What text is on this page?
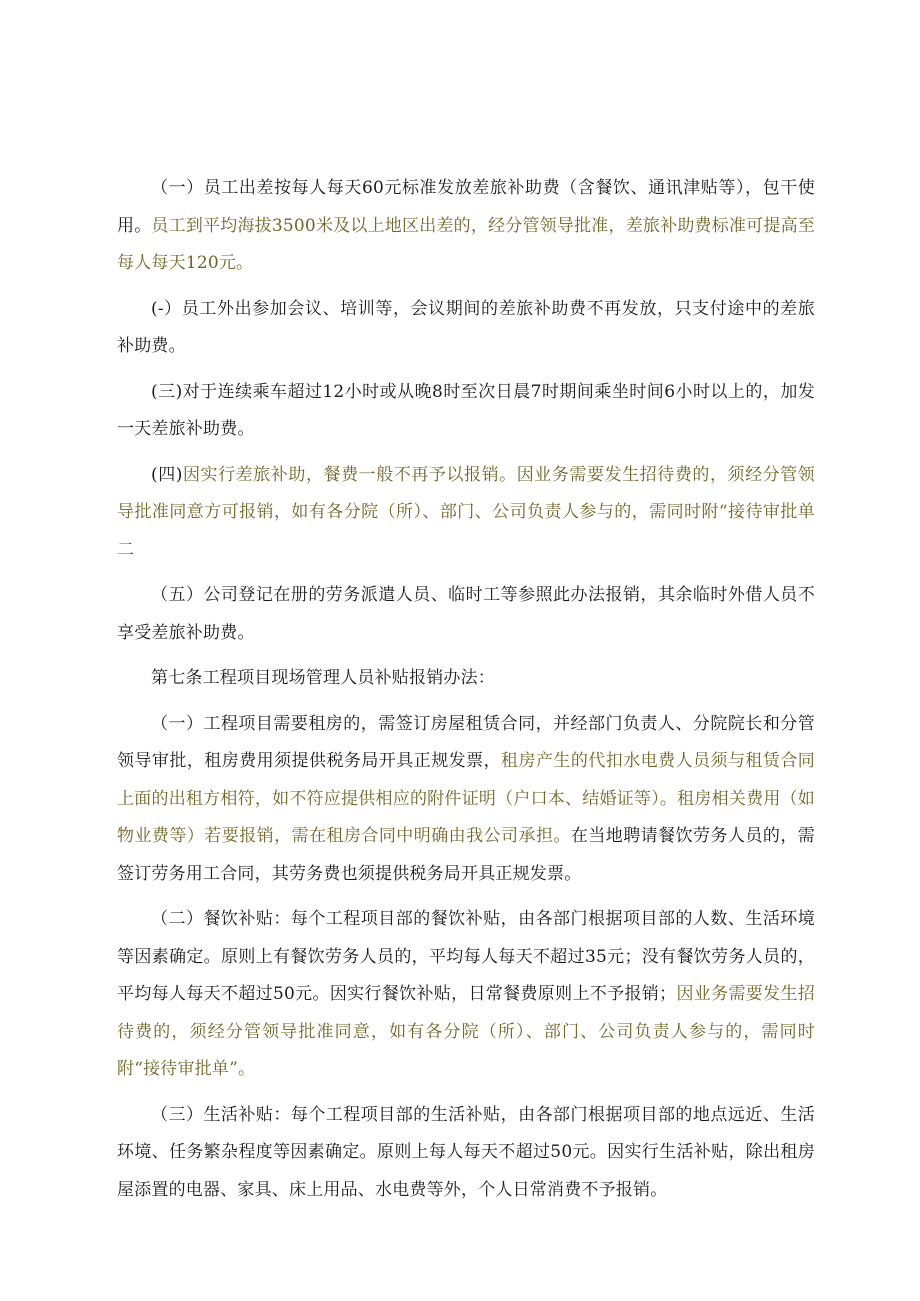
（一）员工出差按每人每天60元标准发放差旅补助费（含餐饮、通讯津贴等），包干使用。员工到平均海拔3500米及以上地区出差的，经分管领导批准，差旅补助费标准可提高至每人每天120元。

(-）员工外出参加会议、培训等，会议期间的差旅补助费不再发放，只支付途中的差旅补助费。

(三)对于连续乘车超过12小时或从晚8时至次日晨7时期间乘坐时间6小时以上的，加发一天差旅补助费。

(四)因实行差旅补助，餐费一般不再予以报销。因业务需要发生招待费的，须经分管领导批准同意方可报销，如有各分院（所）、部门、公司负责人参与的，需同时附“接待审批单二

（五）公司登记在册的劳务派遣人员、临时工等参照此办法报销，其余临时外借人员不享受差旅补助费。

第七条工程项目现场管理人员补贴报销办法：

（一）工程项目需要租房的，需签订房屋租赁合同，并经部门负责人、分院院长和分管领导审批，租房费用须提供税务局开具正规发票，租房产生的代扣水电费人员须与租赁合同上面的出租方相符，如不符应提供相应的附件证明（户口本、结婚证等）。租房相关费用（如物业费等）若要报销，需在租房合同中明确由我公司承担。在当地聘请餐饮劳务人员的，需签订劳务用工合同，其劳务费也须提供税务局开具正规发票。

（二）餐饮补贴：每个工程项目部的餐饮补贴，由各部门根据项目部的人数、生活环境等因素确定。原则上有餐饮劳务人员的，平均每人每天不超过35元；没有餐饮劳务人员的，平均每人每天不超过50元。因实行餐饮补贴，日常餐费原则上不予报销；因业务需要发生招待费的，须经分管领导批准同意，如有各分院（所）、部门、公司负责人参与的，需同时附“接待审批单”。

（三）生活补贴：每个工程项目部的生活补贴，由各部门根据项目部的地点远近、生活环境、任务繁杂程度等因素确定。原则上每人每天不超过50元。因实行生活补贴，除出租房屋添置的电器、家具、床上用品、水电费等外，个人日常消费不予报销。
